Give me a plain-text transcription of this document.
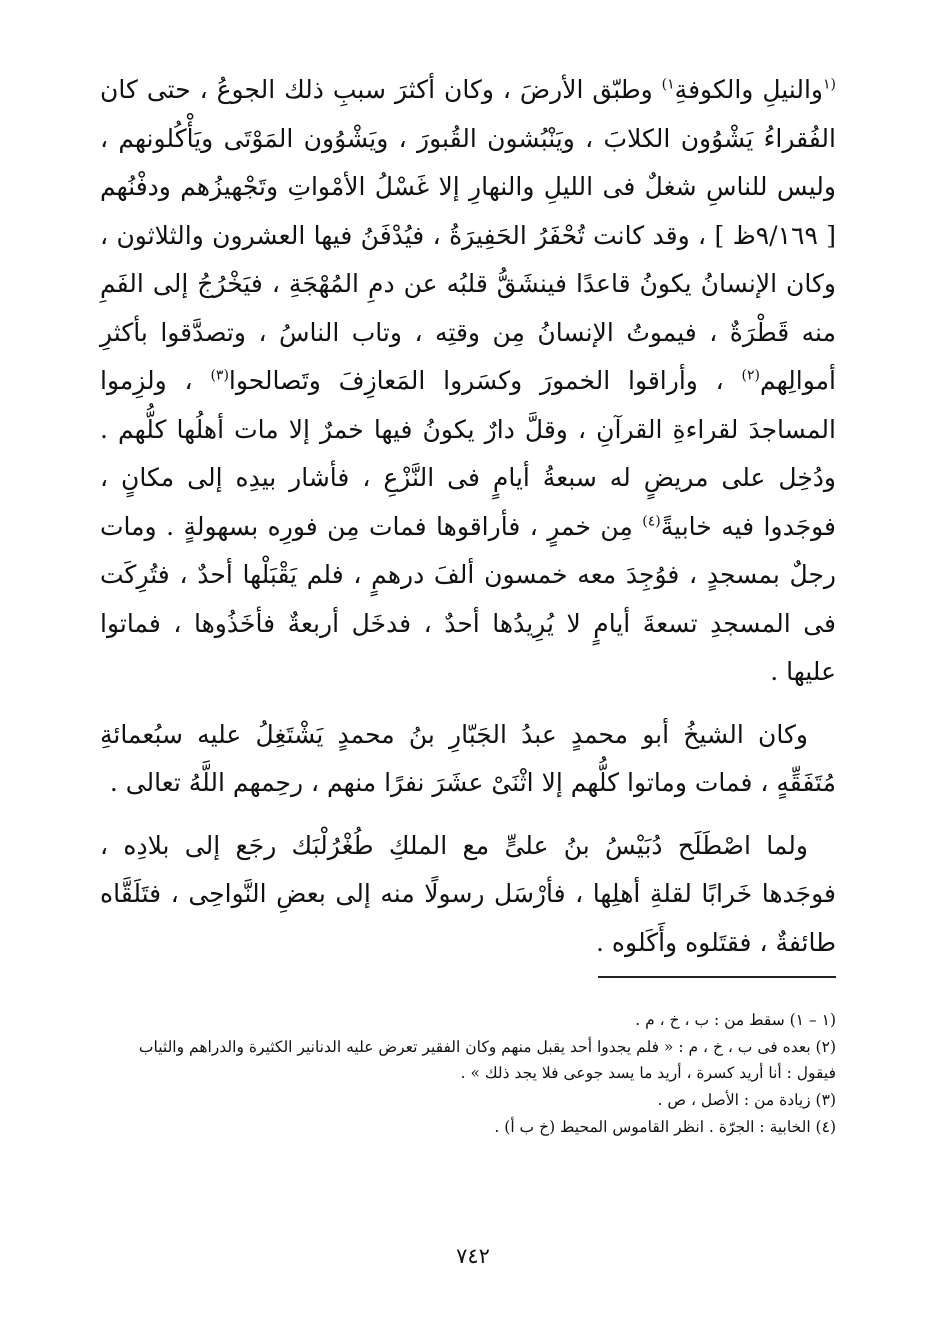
$^{(١}$والنيلِ والكوفةِ$^{١)}$ وطبّق الأرضَ ، وكان أكثرَ سببِ ذلك الجوعُ ، حتى كان الفُقراءُ يَشْوُون الكلابَ ، ويَنْبُشون القُبورَ ، ويَشْوُون المَوْتَى ويَأْكُلونهم ، وليس للناسِ شغلٌ فى الليلِ والنهارِ إلا غَسْلُ الأمْواتِ وتَجْهيزُهم ودفْنُهم [ ٩/١٦٩ظ ] ، وقد كانت تُحْفَرُ الحَفِيرَةُ ، فيُدْفَنُ فيها العشرون والثلاثون ، وكان الإنسانُ يكونُ قاعدًا فينشَقُّ قلبُه عن دمِ المُهْجَةِ ، فيَخْرُجُ إلى الفَمِ منه قَطْرَةٌ ، فيموتُ الإنسانُ مِن وقتِه ، وتاب الناسُ ، وتصدَّقوا بأكثرِ أموالِهم$^{(٢)}$ ، وأراقوا الخمورَ وكسَروا المَعازِفَ وتَصالحوا$^{(٣)}$ ، ولزِموا المساجدَ لقراءةِ القرآنِ ، وقلَّ دارٌ يكونُ فيها خمرٌ إلا مات أهلُها كلُّهم . ودُخِل على مريضٍ له سبعةُ أيامٍ فى النَّزْعِ ، فأشار بيدِه إلى مكانٍ ، فوجَدوا فيه خابيةً$^{(٤)}$ مِن خمرٍ ، فأراقوها فمات مِن فورِه بسهولةٍ . ومات رجلٌ بمسجدٍ ، فوُجِدَ معه خمسون ألفَ درهمٍ ، فلم يَقْبَلْها أحدٌ ، فتُرِكَت فى المسجدِ تسعةَ أيامٍ لا يُرِيدُها أحدٌ ، فدخَل أربعةٌ فأخَذُوها ، فماتوا عليها .

وكان الشيخُ أبو محمدٍ عبدُ الجَبّارِ بنُ محمدٍ يَشْتَغِلُ عليه سبُعمائةِ مُتَفَقِّهٍ ، فمات وماتوا كلُّهم إلا اثْنَىْ عشَرَ نفرًا منهم ، رحِمهم اللَّهُ تعالى .

ولما اصْطَلَح دُبَيْسُ بنُ علىٍّ مع الملكِ طُغْرُلْبَك رجَع إلى بلادِه ، فوجَدها خَرابًا لقلةِ أهلِها ، فأرْسَل رسولًا منه إلى بعضِ النَّواحِى ، فتَلَقَّاه طائفةٌ ، فقتَلوه وأَكَلوه .

(١ – ١) سقط من : ب ، خ ، م .

(٢) بعده فى ب ، خ ، م : « فلم يجدوا أحد يقبل منهم وكان الفقير تعرض عليه الدنانير الكثيرة والدراهم والثياب فيقول : أنا أريد كسرة ، أريد ما يسد جوعى فلا يجد ذلك » .

(٣) زيادة من : الأصل ، ص .

(٤) الخابية : الجرّة . انظر القاموس المحيط (خ ب أ) .

٧٤٢
